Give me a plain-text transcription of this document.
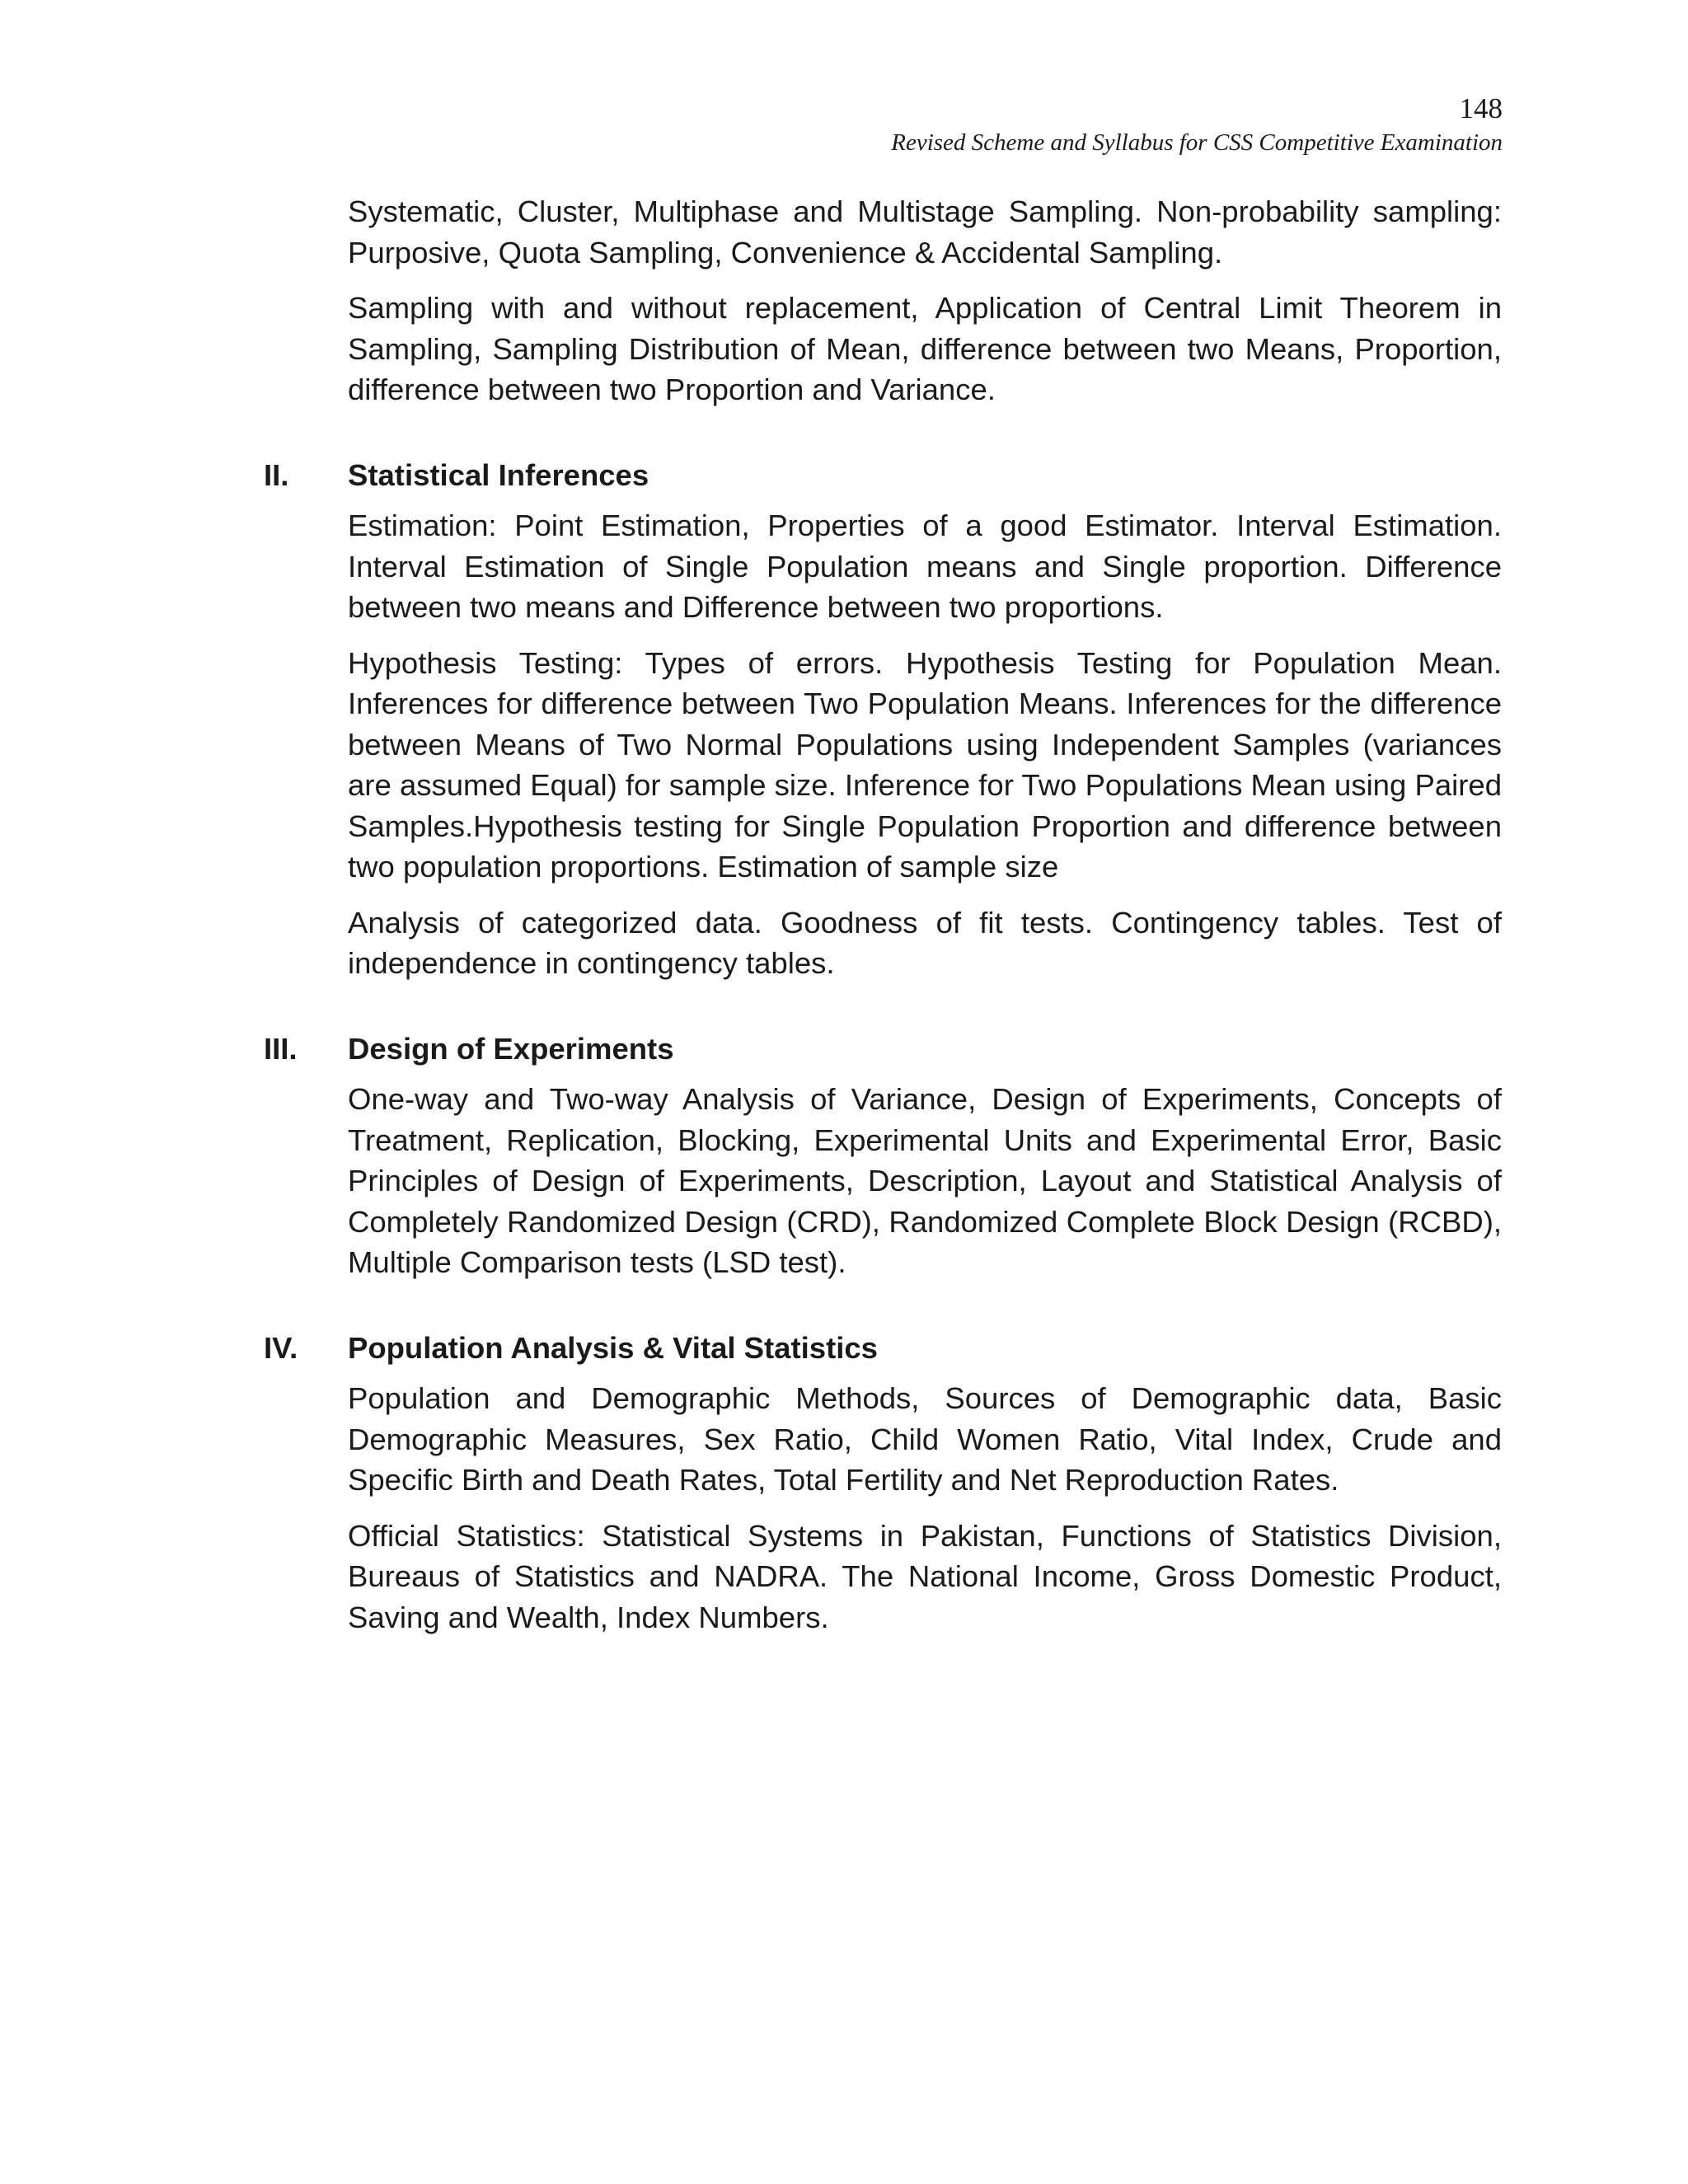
148
Revised Scheme and Syllabus for CSS Competitive Examination

Systematic, Cluster, Multiphase and Multistage Sampling. Non-probability sampling: Purposive, Quota Sampling, Convenience & Accidental Sampling.

Sampling with and without replacement, Application of Central Limit Theorem in Sampling, Sampling Distribution of Mean, difference between two Means, Proportion, difference between two Proportion and Variance.

II.	Statistical Inferences

Estimation: Point Estimation, Properties of a good Estimator. Interval Estimation. Interval Estimation of Single Population means and Single proportion. Difference between two means and Difference between two proportions.

Hypothesis Testing: Types of errors. Hypothesis Testing for Population Mean. Inferences for difference between Two Population Means. Inferences for the difference between Means of Two Normal Populations using Independent Samples (variances are assumed Equal) for sample size. Inference for Two Populations Mean using Paired Samples.Hypothesis testing for Single Population Proportion and difference between two population proportions. Estimation of sample size

Analysis of categorized data. Goodness of fit tests. Contingency tables. Test of independence in contingency tables.

III.	Design of Experiments

One-way and Two-way Analysis of Variance, Design of Experiments, Concepts of Treatment, Replication, Blocking, Experimental Units and Experimental Error, Basic Principles of Design of Experiments, Description, Layout and Statistical Analysis of Completely Randomized Design (CRD), Randomized Complete Block Design (RCBD), Multiple Comparison tests (LSD test).

IV.	Population Analysis & Vital Statistics

Population and Demographic Methods, Sources of Demographic data, Basic Demographic Measures, Sex Ratio, Child Women Ratio, Vital Index, Crude and Specific Birth and Death Rates, Total Fertility and Net Reproduction Rates.

Official Statistics: Statistical Systems in Pakistan, Functions of Statistics Division, Bureaus of Statistics and NADRA. The National Income, Gross Domestic Product, Saving and Wealth, Index Numbers.
